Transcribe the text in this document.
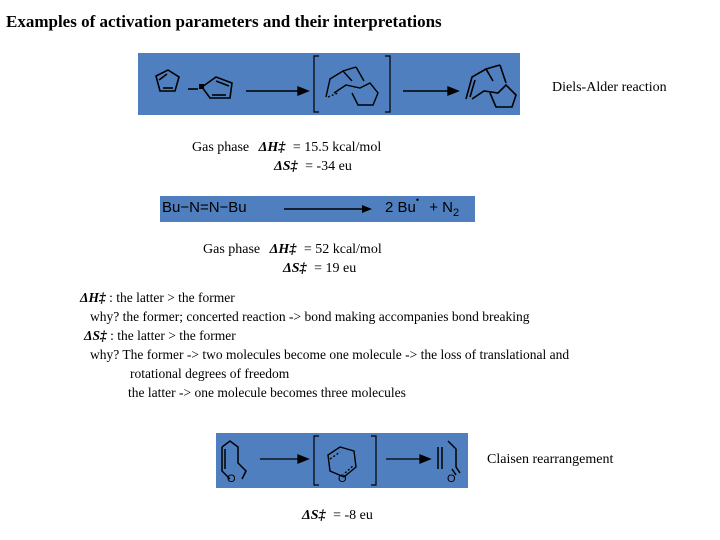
Examples of activation parameters and their interpretations
Diels-Alder reaction
Gas phase ΔH‡ = 15.5 kcal/mol
ΔS‡ = -34 eu
Bu−N=N−Bu	2 $Bu^• + N_2$
Gas phase ΔH‡ = 52 kcal/mol
ΔS‡ = 19 eu
ΔH‡ : the latter > the former
why? the former; concerted reaction -> bond making accompanies bond breaking
ΔS‡ : the latter > the former
why? The former -> two molecules become one molecule -> the loss of translational and
rotational degrees of freedom
the latter -> one molecule becomes three molecules
O	O	O
Claisen rearrangement
ΔS‡ = -8 eu
